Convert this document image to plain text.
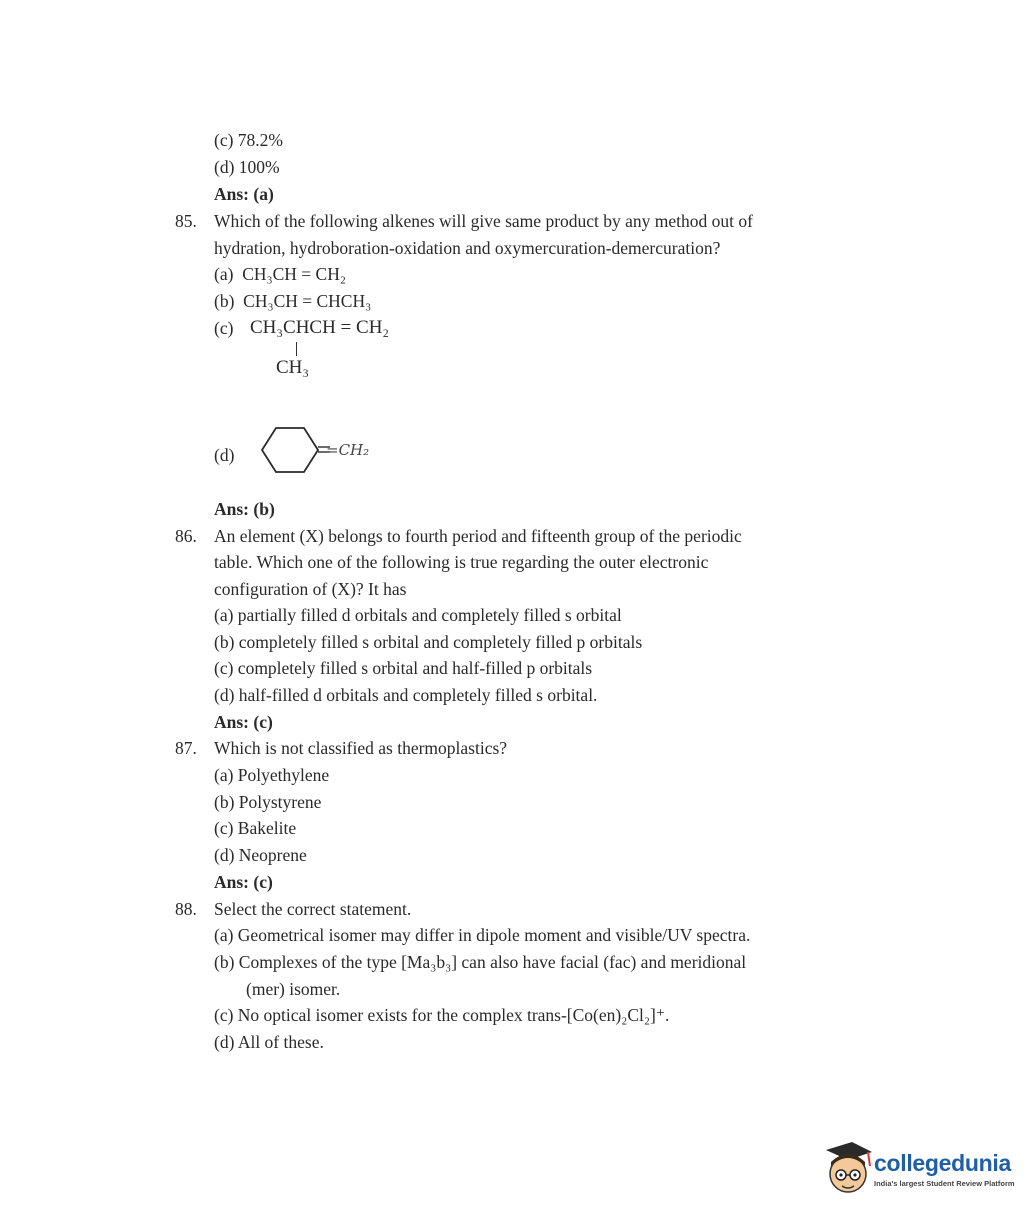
(c) 78.2%
(d) 100%
Ans: (a)
85. Which of the following alkenes will give same product by any method out of
hydration, hydroboration-oxidation and oxymercuration-demercuration?
(a) CH₃CH = CH₂
(b) CH₃CH = CHCH₃
(c) CH₃CHCH = CH₂
CH₃
(d)	=CH₂
Ans: (b)
86. An element (X) belongs to fourth period and fifteenth group of the periodic
table. Which one of the following is true regarding the outer electronic
configuration of (X)? It has
(a) partially filled d orbitals and completely filled s orbital
(b) completely filled s orbital and completely filled p orbitals
(c) completely filled s orbital and half-filled p orbitals
(d) half-filled d orbitals and completely filled s orbital.
Ans: (c)
87. Which is not classified as thermoplastics?
(a) Polyethylene
(b) Polystyrene
(c) Bakelite
(d) Neoprene
Ans: (c)
88. Select the correct statement.
(a) Geometrical isomer may differ in dipole moment and visible/UV spectra.
(b) Complexes of the type [Ma₃b₃] can also have facial (fac) and meridional
(mer) isomer.
(c) No optical isomer exists for the complex trans-[Co(en)₂Cl₂]⁺.
(d) All of these.
collegedunia
India's largest Student Review Platform
